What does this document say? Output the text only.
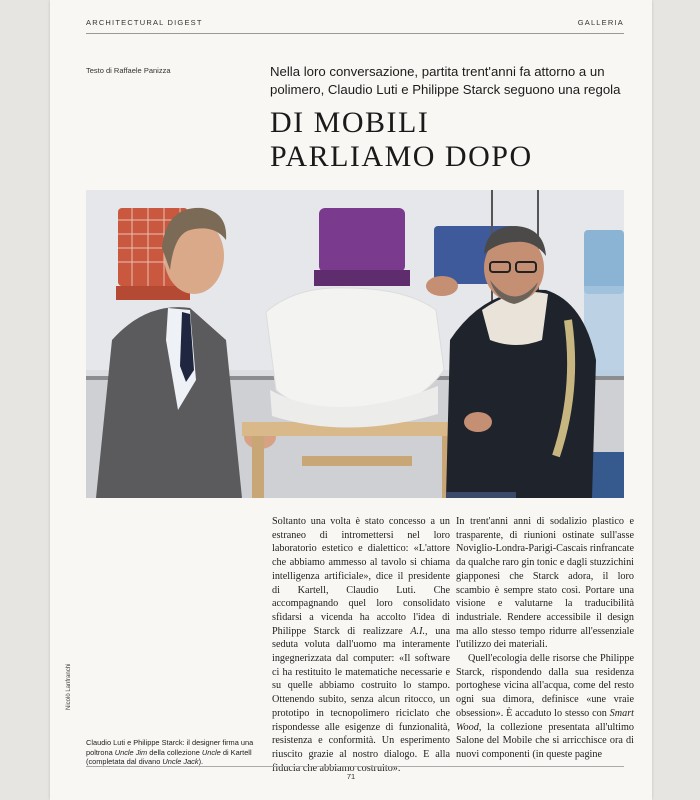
ARCHITECTURAL DIGEST	GALLERIA
Testo di Raffaele Panizza	Nella loro conversazione, partita trent'anni fa attorno a un polimero, Claudio Luti e Philippe Starck seguono una regola
DI MOBILI
PARLIAMO DOPO
Nicolò Lanfranchi
Claudio Luti e Philippe Starck: il designer firma una poltrona Uncle Jim della collezione Uncle di Kartell (completata dal divano Uncle Jack).

Soltanto una volta è stato concesso a un estraneo di intromettersi nel loro laboratorio estetico e dialettico: «L'attore che abbiamo ammesso al tavolo si chiama intelligenza artificiale», dice il presidente di Kartell, Claudio Luti. Che accompagnando quel loro consolidato sfidarsi a vicenda ha accolto l'idea di Philippe Starck di realizzare A.I., una seduta voluta dall'uomo ma interamente ingegnerizzata dal computer: «Il software ci ha restituito le matematiche necessarie e su quelle abbiamo costruito lo stampo. Ottenendo subito, senza alcun ritocco, un prototipo in tecnopolimero riciclato che rispondesse alle esigenze di funzionalità, resistenza e conformità. Un esperimento riuscito grazie al nostro dialogo. E alla fiducia che abbiamo costruito».

In trent'anni anni di sodalizio plastico e trasparente, di riunioni ostinate sull'asse Noviglio-Londra-Parigi-Cascais rinfrancate da qualche raro gin tonic e dagli stuzzichini giapponesi che Starck adora, il loro scambio è sempre stato così. Portare una visione e valutarne la traducibilità industriale. Rendere accessibile il design ma allo stesso tempo ridurre all'essenziale l'utilizzo dei materiali.

Quell'ecologia delle risorse che Philippe Starck, rispondendo dalla sua residenza portoghese vicina all'acqua, come del resto ogni sua dimora, definisce «une vraie obsession». È accaduto lo stesso con Smart Wood, la collezione presentata all'ultimo Salone del Mobile che si arricchisce ora di nuovi componenti (in queste pagine

71
